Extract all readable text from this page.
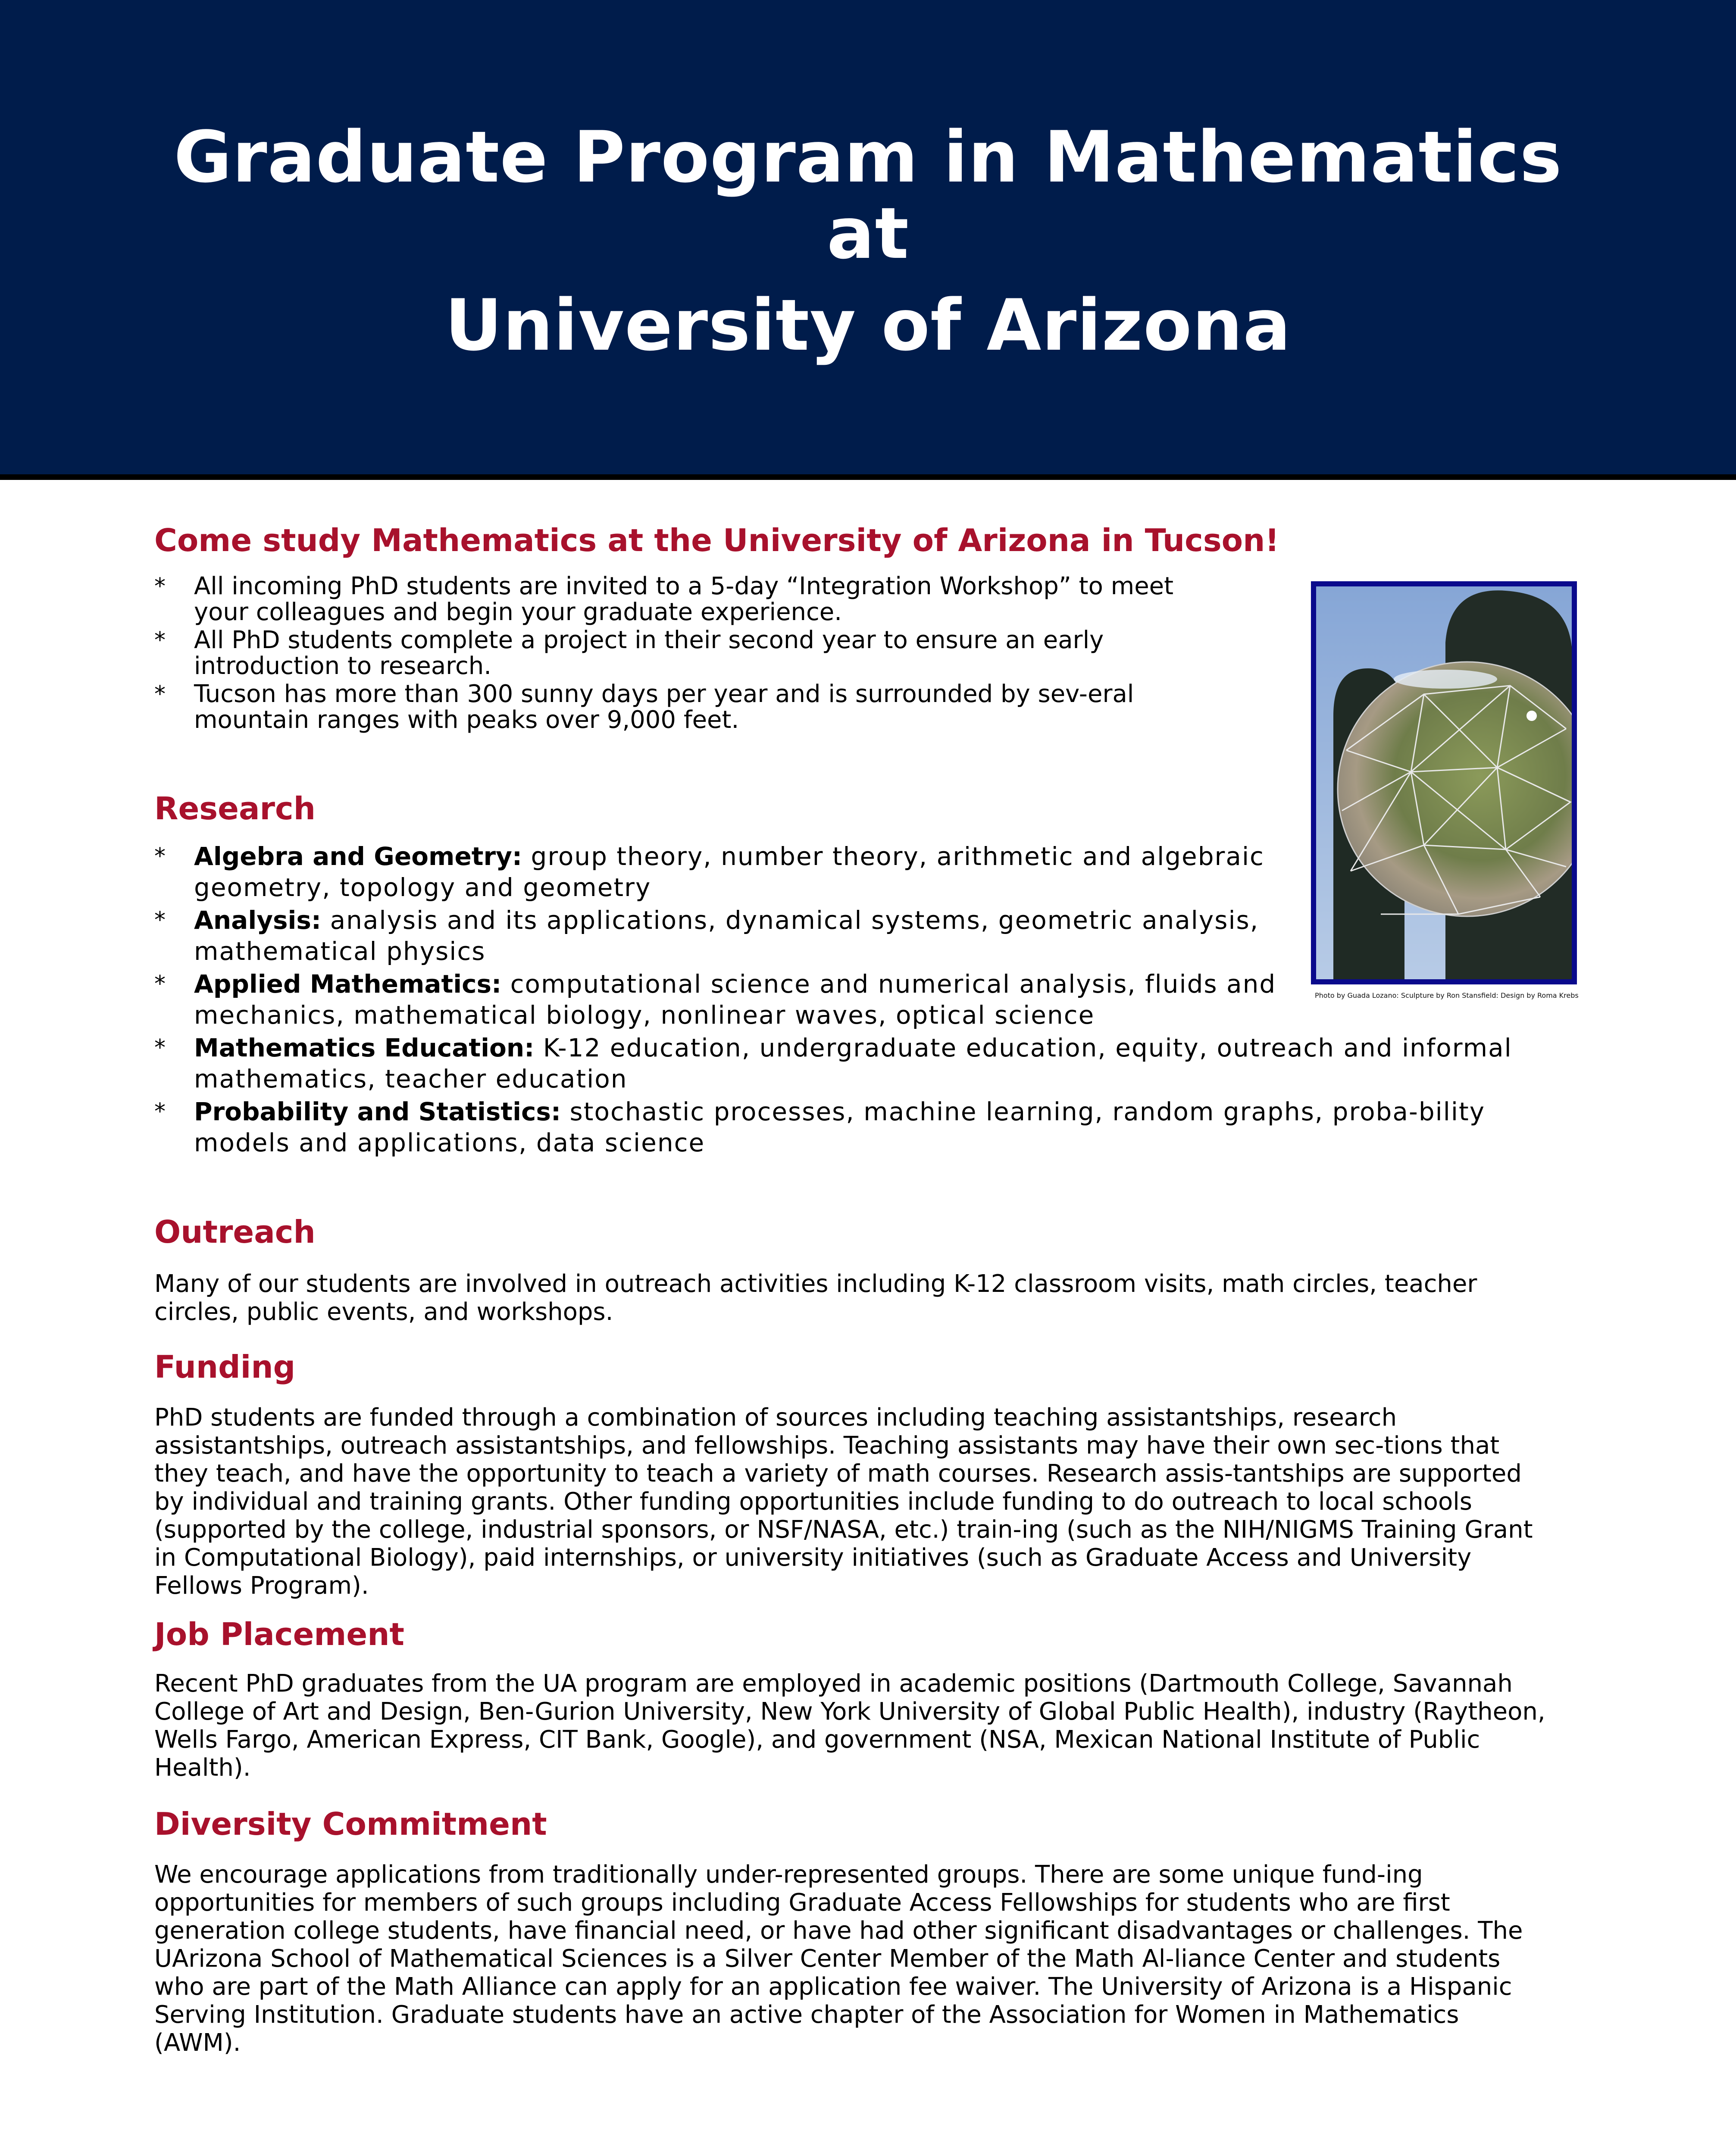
Graduate Program in Mathematics
at
University of Arizona
Come study Mathematics at the University of Arizona in Tucson!
* All incoming PhD students are invited to a 5-day “Integration Workshop” to meet your colleagues and begin your graduate experience.
* All PhD students complete a project in their second year to ensure an early introduction to research.
* Tucson has more than 300 sunny days per year and is surrounded by sev-eral mountain ranges with peaks over 9,000 feet.
Photo by Guada Lozano: Sculpture by Ron Stansfield: Design by Roma Krebs
Research
* Algebra and Geometry: group theory, number theory, arithmetic and algebraic geometry, topology and geometry
* Analysis: analysis and its applications, dynamical systems, geometric analysis, mathematical physics
* Applied Mathematics: computational science and numerical analysis, fluids and mechanics, mathematical biology, nonlinear waves, optical science
* Mathematics Education: K-12 education, undergraduate education, equity, outreach and informal mathematics, teacher education
* Probability and Statistics: stochastic processes, machine learning, random graphs, proba-bility models and applications, data science
Outreach
Many of our students are involved in outreach activities including K-12 classroom visits, math circles, teacher circles, public events, and workshops.
Funding
PhD students are funded through a combination of sources including teaching assistantships, research assistantships, outreach assistantships, and fellowships. Teaching assistants may have their own sec-tions that they teach, and have the opportunity to teach a variety of math courses. Research assis-tantships are supported by individual and training grants. Other funding opportunities include funding to do outreach to local schools (supported by the college, industrial sponsors, or NSF/NASA, etc.) train-ing (such as the NIH/NIGMS Training Grant in Computational Biology), paid internships, or university initiatives (such as Graduate Access and University Fellows Program).
Job Placement
Recent PhD graduates from the UA program are employed in academic positions (Dartmouth College, Savannah College of Art and Design, Ben-Gurion University, New York University of Global Public Health), industry (Raytheon, Wells Fargo, American Express, CIT Bank, Google), and government (NSA, Mexican National Institute of Public Health).
Diversity Commitment
We encourage applications from traditionally under-represented groups. There are some unique fund-ing opportunities for members of such groups including Graduate Access Fellowships for students who are first generation college students, have financial need, or have had other significant disadvantages or challenges. The UArizona School of Mathematical Sciences is a Silver Center Member of the Math Al-liance Center and students who are part of the Math Alliance can apply for an application fee waiver. The University of Arizona is a Hispanic Serving Institution. Graduate students have an active chapter of the Association for Women in Mathematics (AWM).
